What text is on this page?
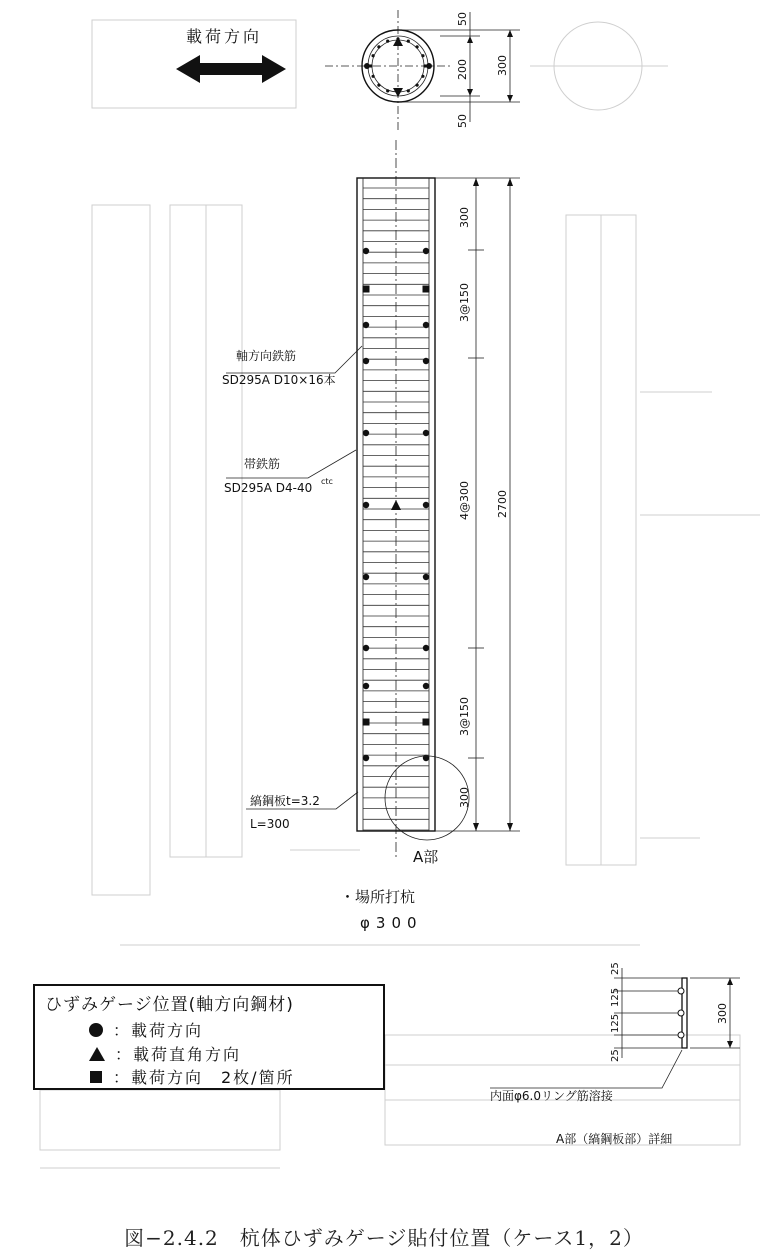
載荷方向
50
200
50
300
300
3@150
4@300
3@150
300
2700
軸方向鉄筋
SD295A D10×16本
帯鉄筋
SD295A D4-40 ctc
縞鋼板t=3.2
L=300
A部
・場所打杭
φ300
25
125
125
25
300
内面φ6.0リング筋溶接
A部（縞鋼板部）詳細
ひずみゲージ位置(軸方向鋼材)
：載荷方向
：載荷直角方向
：載荷方向　2枚/箇所
図−2.4.2　杭体ひずみゲージ貼付位置（ケース1，2）
